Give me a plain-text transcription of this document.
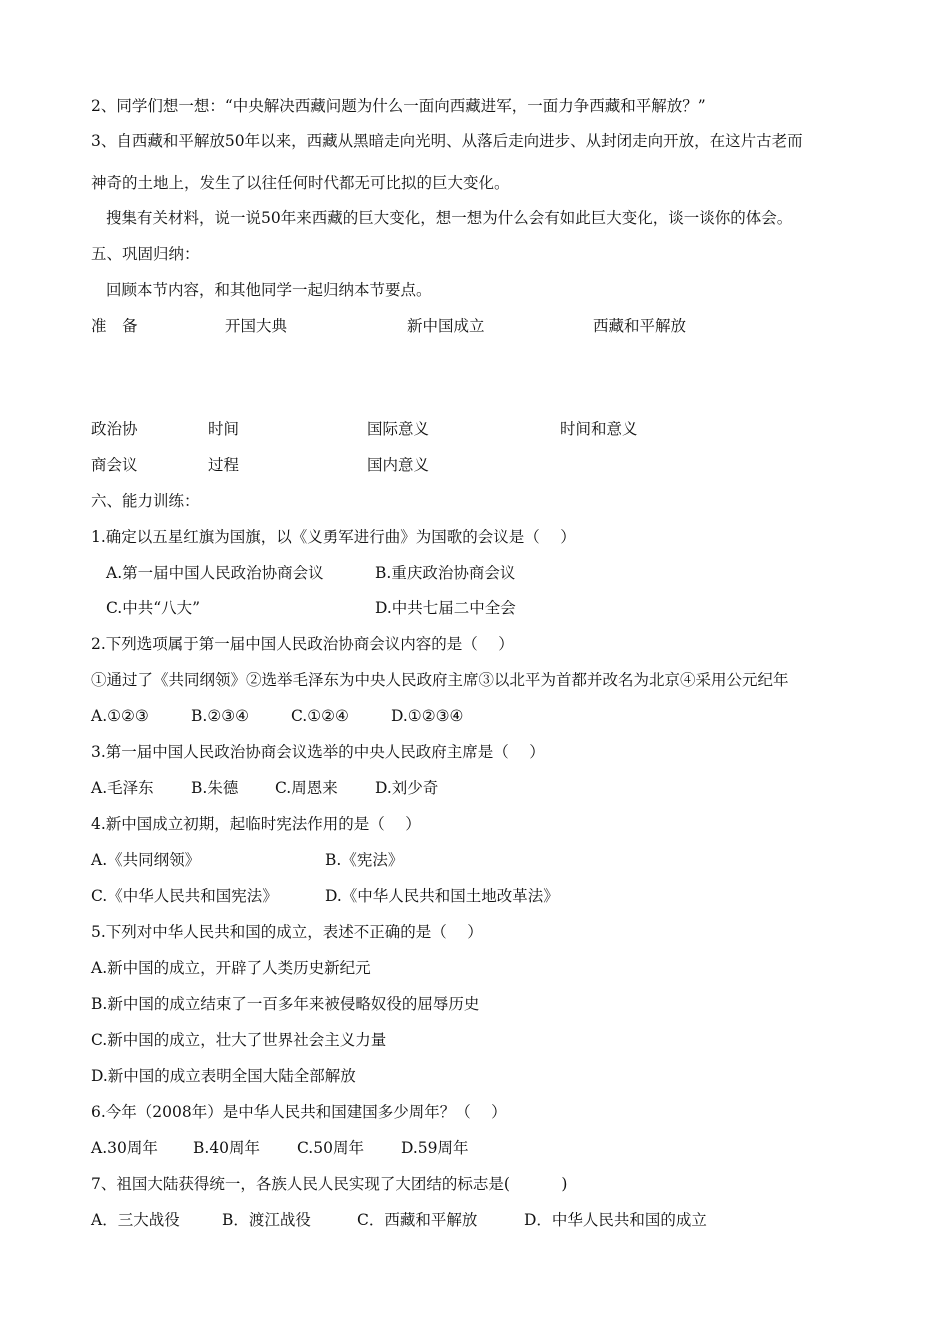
2、同学们想一想：“中央解决西藏问题为什么一面向西藏进军，一面力争西藏和平解放？”
3、自西藏和平解放50年以来，西藏从黑暗走向光明、从落后走向进步、从封闭走向开放，在这片古老而
神奇的土地上，发生了以往任何时代都无可比拟的巨大变化。
搜集有关材料，说一说50年来西藏的巨大变化，想一想为什么会有如此巨大变化，谈一谈你的体会。
五、巩固归纳：
回顾本节内容，和其他同学一起归纳本节要点。
准　备	开国大典	新中国成立	西藏和平解放
政治协	时间	国际意义	时间和意义
商会议	过程	国内意义
六、能力训练：
1.确定以五星红旗为国旗，以《义勇军进行曲》为国歌的会议是（　 ）
A.第一届中国人民政治协商会议	B.重庆政治协商会议
C.中共“八大”	D.中共七届二中全会
2.下列选项属于第一届中国人民政治协商会议内容的是（　 ）
①通过了《共同纲领》②选举毛泽东为中央人民政府主席③以北平为首都并改名为北京④采用公元纪年
A.①②③	B.②③④	C.①②④	D.①②③④
3.第一届中国人民政治协商会议选举的中央人民政府主席是（　 ）
A.毛泽东 B.朱德 C.周恩来 D.刘少奇
4.新中国成立初期，起临时宪法作用的是（　 ）
A.《共同纲领》	B.《宪法》
C.《中华人民共和国宪法》	D.《中华人民共和国土地改革法》
5.下列对中华人民共和国的成立，表述不正确的是（　 ）
A.新中国的成立，开辟了人类历史新纪元
B.新中国的成立结束了一百多年来被侵略奴役的屈辱历史
C.新中国的成立，壮大了世界社会主义力量
D.新中国的成立表明全国大陆全部解放
6.今年（2008年）是中华人民共和国建国多少周年？（　 ）
A.30周年 B.40周年 C.50周年 D.59周年
7、祖国大陆获得统一，各族人民人民实现了大团结的标志是(　　　 )
A．三大战役	B．渡江战役	C．西藏和平解放	D．中华人民共和国的成立
